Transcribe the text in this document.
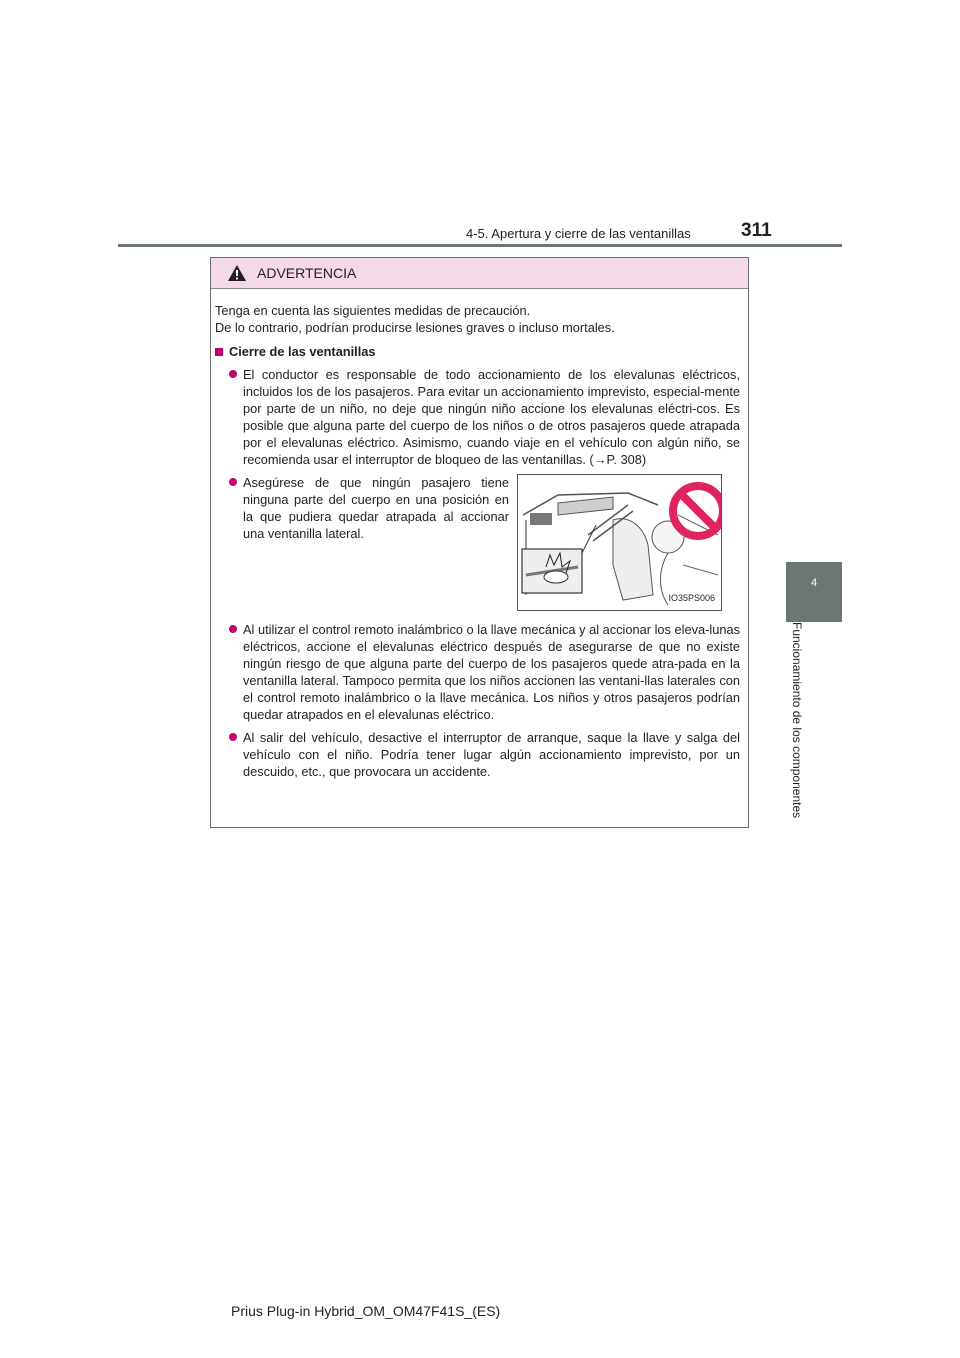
4-5. Apertura y cierre de las ventanillas	311
4
Funcionamiento de los componentes
ADVERTENCIA
Tenga en cuenta las siguientes medidas de precaución.
De lo contrario, podrían producirse lesiones graves o incluso mortales.
Cierre de las ventanillas
El conductor es responsable de todo accionamiento de los elevalunas eléctricos, incluidos los de los pasajeros. Para evitar un accionamiento imprevisto, especial-mente por parte de un niño, no deje que ningún niño accione los elevalunas eléctri-cos. Es posible que alguna parte del cuerpo de los niños o de otros pasajeros quede atrapada por el elevalunas eléctrico. Asimismo, cuando viaje en el vehículo con algún niño, se recomienda usar el interruptor de bloqueo de las ventanillas. (→P. 308)
Asegúrese de que ningún pasajero tiene ninguna parte del cuerpo en una posición en la que pudiera quedar atrapada al accionar una ventanilla lateral.
IO35PS006
Al utilizar el control remoto inalámbrico o la llave mecánica y al accionar los eleva-lunas eléctricos, accione el elevalunas eléctrico después de asegurarse de que no existe ningún riesgo de que alguna parte del cuerpo de los pasajeros quede atra-pada en la ventanilla lateral. Tampoco permita que los niños accionen las ventani-llas laterales con el control remoto inalámbrico o la llave mecánica. Los niños y otros pasajeros podrían quedar atrapados en el elevalunas eléctrico.
Al salir del vehículo, desactive el interruptor de arranque, saque la llave y salga del vehículo con el niño. Podría tener lugar algún accionamiento imprevisto, por un descuido, etc., que provocara un accidente.
Prius Plug-in Hybrid_OM_OM47F41S_(ES)
